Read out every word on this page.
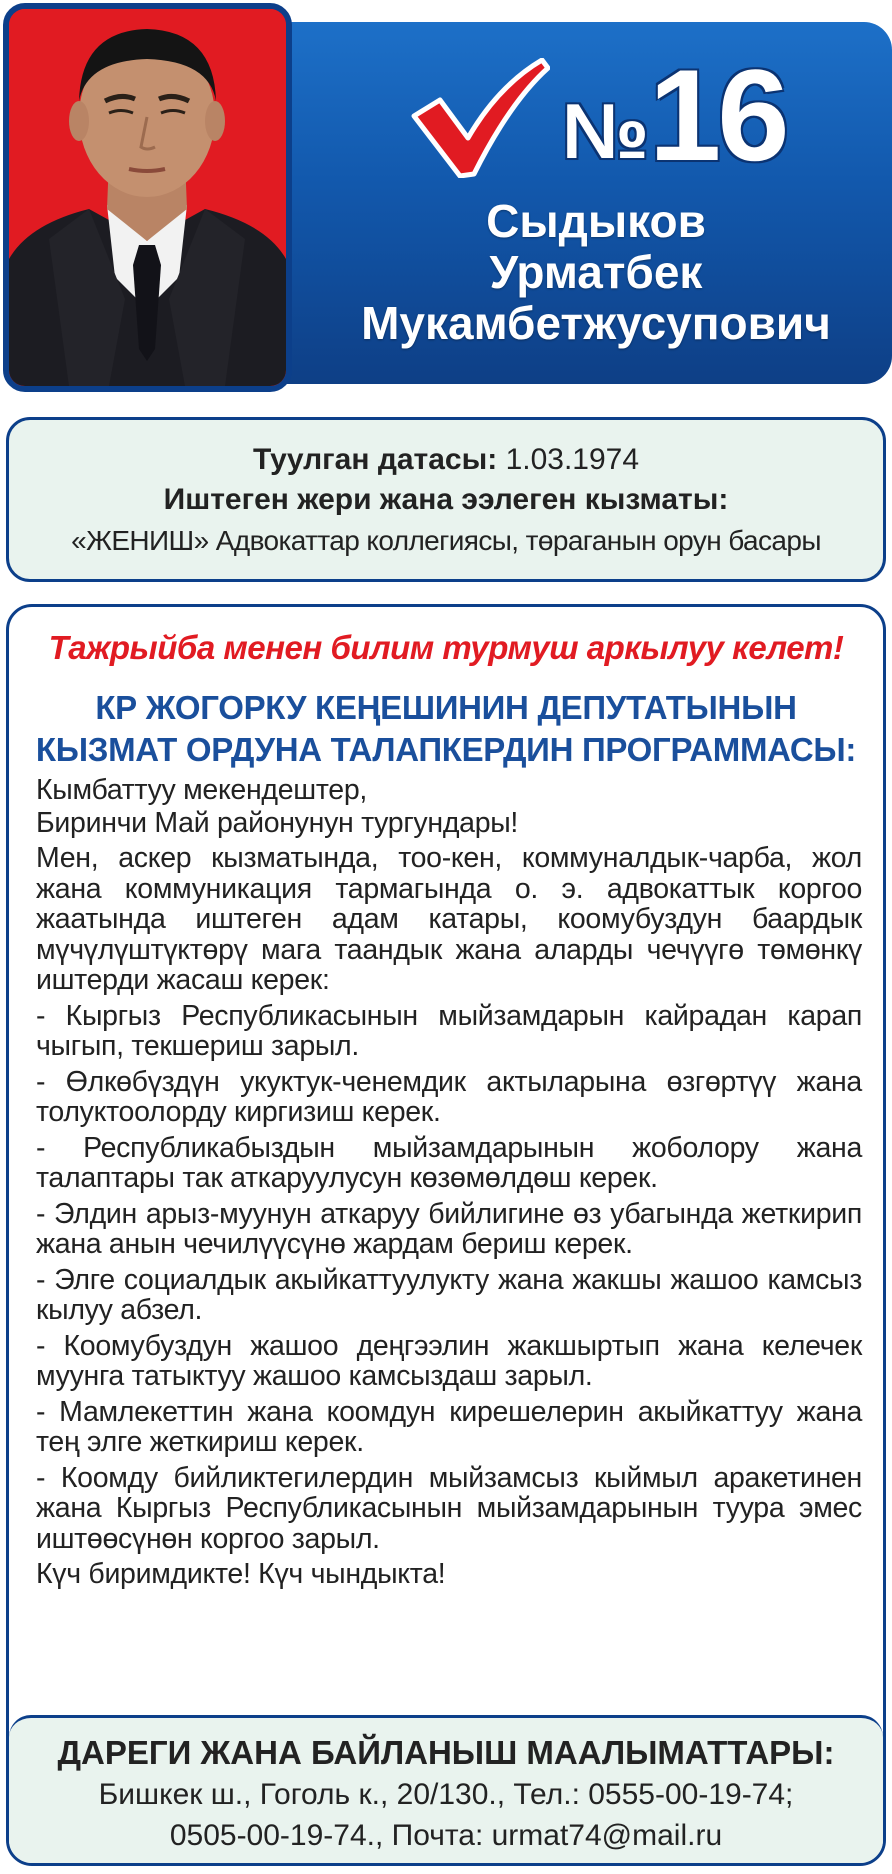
№ 16
Сыдыков
Урматбек
Мукамбетжусупович
Туулган датасы: 1.03.1974
Иштеген жери жана ээлеген кызматы:
«ЖЕНИШ» Адвокаттар коллегиясы, төраганын орун басары
Тажрыйба менен билим турмуш аркылуу келет!
КР ЖОГОРКУ КЕҢЕШИНИН ДЕПУТАТЫНЫН
КЫЗМАТ ОРДУНА ТАЛАПКЕРДИН ПРОГРАММАСЫ:

Кымбаттуу мекендештер,

Биринчи Май районунун тургундары!

Мен, аскер кызматында, тоо-кен, коммуналдык-чарба, жол жана коммуникация тармагында о. э. адвокаттык коргоо жаатында иштеген адам катары, коомубуздун баардык мүчүлүштүктөрү мага таандык жана аларды чечүүгө төмөнкү иштерди жасаш керек:

- Кыргыз Республикасынын мыйзамдарын кайрадан карап чыгып, текшериш зарыл.

- Өлкөбүздүн укуктук-ченемдик актыларына өзгөртүү жана толуктоолорду киргизиш керек.

- Республикабыздын мыйзамдарынын жоболору жана талаптары так аткаруулусун көзөмөлдөш керек.

- Элдин арыз-муунун аткаруу бийлигине өз убагында жеткирип жана анын чечилүүсүнө жардам бериш керек.

- Элге социалдык акыйкаттуулукту жана жакшы жашоо камсыз кылуу абзел.

- Коомубуздун жашоо деңгээлин жакшыртып жана келечек муунга татыктуу жашоо камсыздаш зарыл.

- Мамлекеттин жана коомдун кирешелерин акыйкаттуу жана тең элге жеткириш керек.

- Коомду бийликтегилердин мыйзамсыз кыймыл аракетинен жана Кыргыз Республикасынын мыйзамдарынын туура эмес иштөөсүнөн коргоо зарыл.

Күч биримдикте! Күч чындыкта!

ДАРЕГИ ЖАНА БАЙЛАНЫШ МААЛЫМАТТАРЫ:
Бишкек ш., Гоголь к., 20/130., Тел.: 0555-00-19-74;
0505-00-19-74., Почта: urmat74@mail.ru
